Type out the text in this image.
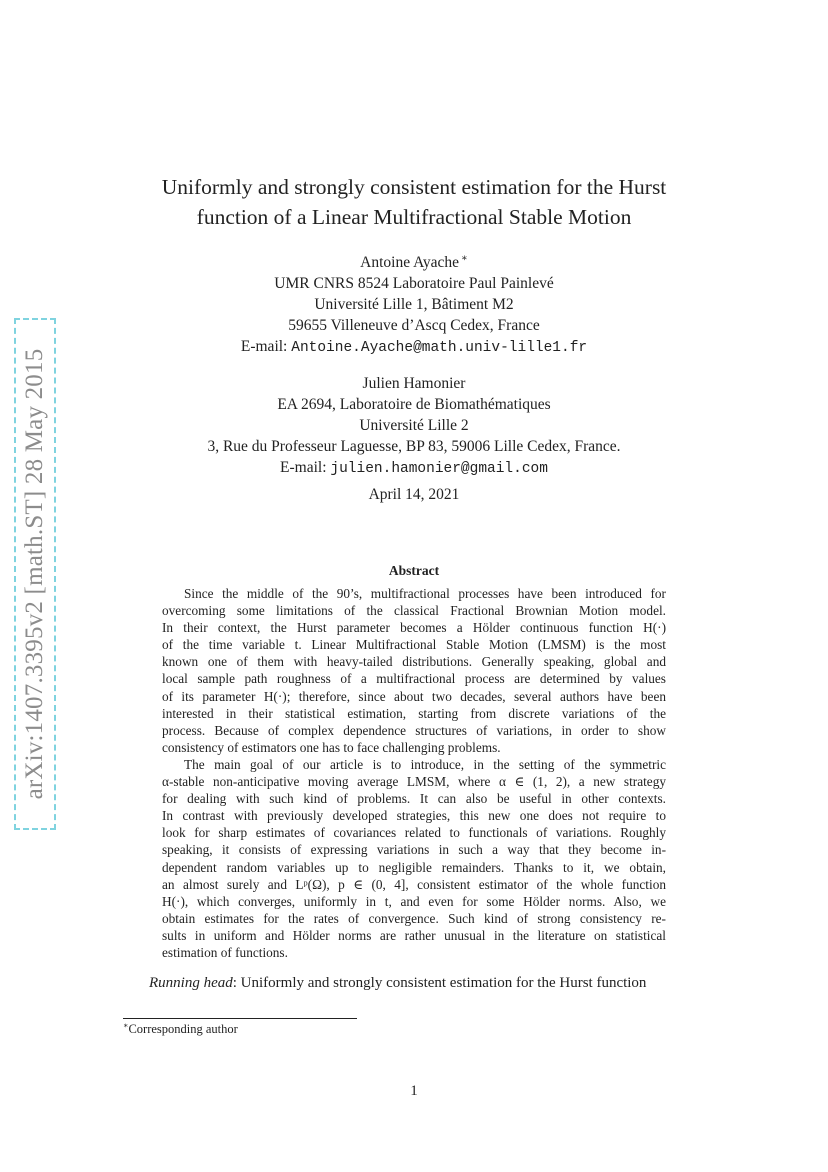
arXiv:1407.3395v2 [math.ST] 28 May 2015
Uniformly and strongly consistent estimation for the Hurst
function of a Linear Multifractional Stable Motion
Antoine Ayache ∗
UMR CNRS 8524 Laboratoire Paul Painlevé
Université Lille 1, Bâtiment M2
59655 Villeneuve d’Ascq Cedex, France
E-mail: Antoine.Ayache@math.univ-lille1.fr
Julien Hamonier
EA 2694, Laboratoire de Biomathématiques
Université Lille 2
3, Rue du Professeur Laguesse, BP 83, 59006 Lille Cedex, France.
E-mail: julien.hamonier@gmail.com
April 14, 2021
Abstract
Since the middle of the 90’s, multifractional processes have been introduced for
overcoming some limitations of the classical Fractional Brownian Motion model.
In their context, the Hurst parameter becomes a Hölder continuous function H(·)
of the time variable t. Linear Multifractional Stable Motion (LMSM) is the most
known one of them with heavy-tailed distributions. Generally speaking, global and
local sample path roughness of a multifractional process are determined by values
of its parameter H(·); therefore, since about two decades, several authors have been
interested in their statistical estimation, starting from discrete variations of the
process. Because of complex dependence structures of variations, in order to show
consistency of estimators one has to face challenging problems.
The main goal of our article is to introduce, in the setting of the symmetric
α-stable non-anticipative moving average LMSM, where α ∈ (1, 2), a new strategy
for dealing with such kind of problems. It can also be useful in other contexts.
In contrast with previously developed strategies, this new one does not require to
look for sharp estimates of covariances related to functionals of variations. Roughly
speaking, it consists of expressing variations in such a way that they become in-
dependent random variables up to negligible remainders. Thanks to it, we obtain,
an almost surely and Lᵖ(Ω), p ∈ (0, 4], consistent estimator of the whole function
H(·), which converges, uniformly in t, and even for some Hölder norms. Also, we
obtain estimates for the rates of convergence. Such kind of strong consistency re-
sults in uniform and Hölder norms are rather unusual in the literature on statistical
estimation of functions.
Running head: Uniformly and strongly consistent estimation for the Hurst function
∗Corresponding author
1
